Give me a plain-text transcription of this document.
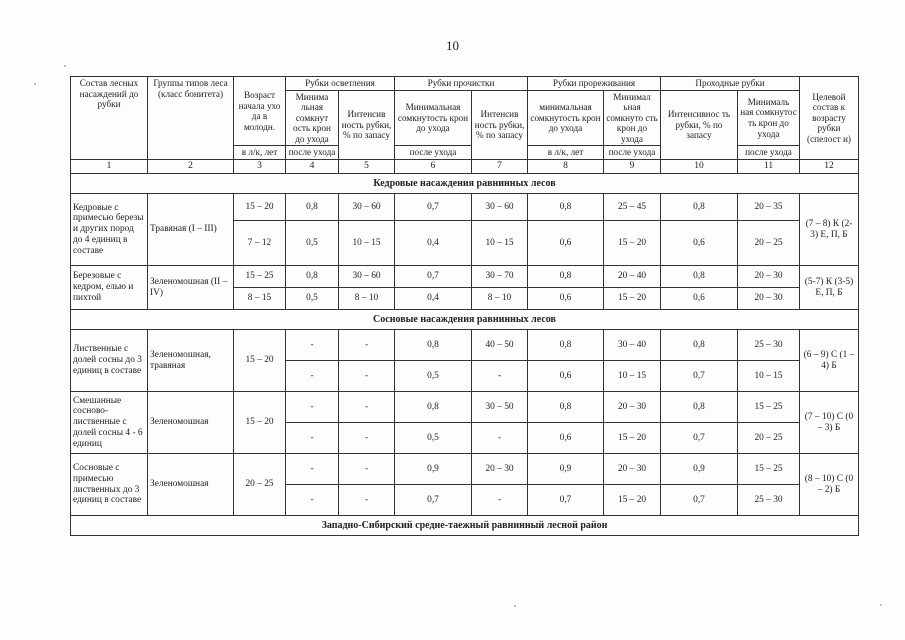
10
Состав лесных насаждений до рубки	Группы типов леса (класс бонитета)	Возраст начала ухо да в молодн.	Рубки осветления		Рубки прочистки		Рубки прореживания		Проходные рубки		Целевой состав к возрасту рубки (спелост и)
			Минима льная сомкнут ость крон до ухода	Интенсив ность рубки, % по запасу	Минимальная сомкнутость крон до ухода	Интенсив ность рубки, % по запасу	минимальная сомкнутость крон до ухода	Минимал ьная сомкнуто сть крон до ухода	Интенсивнос ть рубки, % по запасу	Минималь ная сомкнутос ть крон до ухода	
		в л/к, лет	после ухода		после ухода		в л/к, лет	после ухода		после ухода	
1	2	3	4	5	6	7	8	9	10	11	12
Кедровые насаждения равнинных лесов											
Кедровые с примесью березы и других пород до 4 единиц в составе	Травяная (I – III)	15 – 20	0,8	30 – 60	0,7	30 – 60	0,8	25 – 45	0,8	20 – 35	(7 – 8) К (2-3) Е, П, Б
		7 – 12	0,5	10 – 15	0,4	10 – 15	0,6	15 – 20	0,6	20 – 25	
Березовые с кедром, елью и пихтой	Зеленомошная (II – IV)	15 – 25	0,8	30 – 60	0,7	30 – 70	0,8	20 – 40	0,8	20 – 30	(5-7) К (3-5) Е, П, Б
		8 – 15	0,5	8 – 10	0,4	8 – 10	0,6	15 – 20	0,6	20 – 30	
Сосновые насаждения равнинных лесов											
Лиственные с долей сосны до 3 единиц в составе	Зеленомошная, травяная	15 – 20	-	-	0,8	40 – 50	0,8	30 – 40	0,8	25 – 30	(6 – 9) С (1 – 4) Б
			-	-	0,5	-	0,6	10 – 15	0,7	10 – 15	
Смешанные сосново-лиственные с долей сосны 4 - 6 единиц	Зеленомошная	15 – 20	-	-	0,8	30 – 50	0,8	20 – 30	0,8	15 – 25	(7 – 10) С (0 – 3) Б
			-	-	0,5	-	0,6	15 – 20	0,7	20 – 25	
Сосновые с примесью лиственных до 3 единиц в составе	Зеленомошная	20 – 25	-	-	0,9	20 – 30	0,9	20 – 30	0,9	15 – 25	(8 – 10) С (0 – 2) Б
			-	-	0,7	-	0,7	15 – 20	0,7	25 – 30	
Западно-Сибирский средне-таежный равнинный лесной район											
